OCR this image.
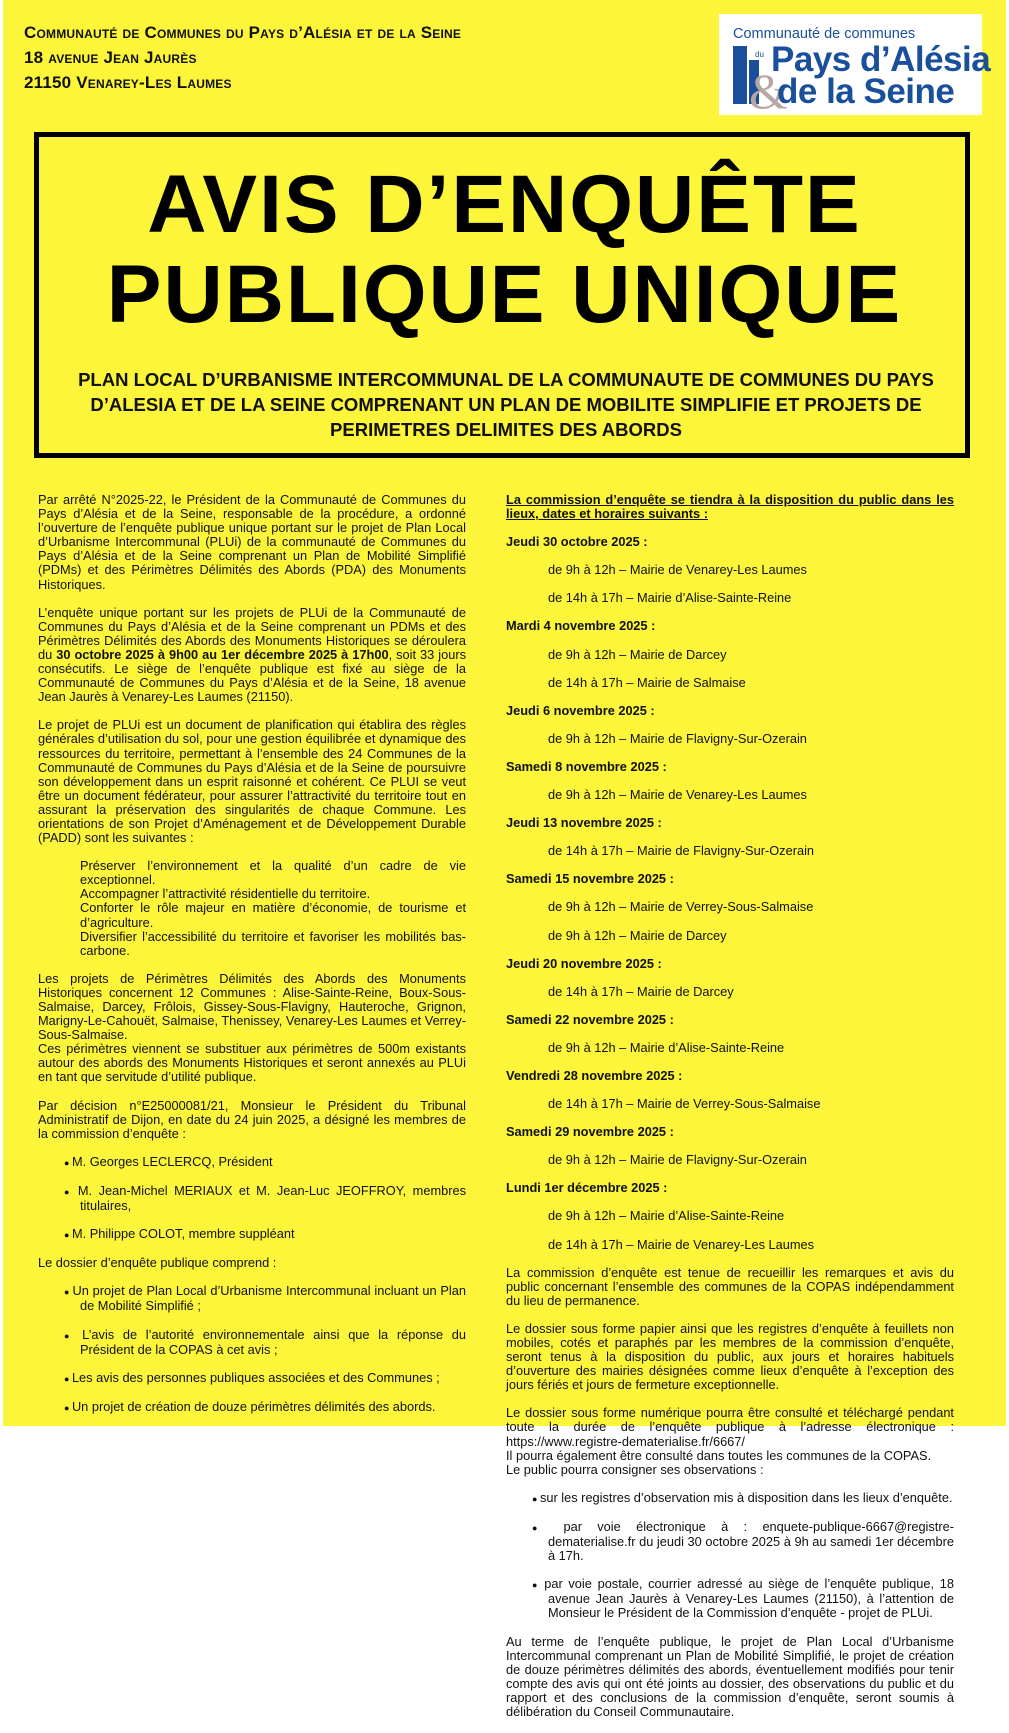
Communauté de Communes du Pays d’Alésia et de la Seine
18 avenue Jean Jaurès
21150 Venarey-Les Laumes
Communauté de communes
du Pays d’Alésia
&
de la Seine
AVIS D’ENQUÊTE
PUBLIQUE UNIQUE
PLAN LOCAL D’URBANISME INTERCOMMUNAL DE LA COMMUNAUTE DE COMMUNES DU PAYS D’ALESIA ET DE LA SEINE COMPRENANT UN PLAN DE MOBILITE SIMPLIFIE ET PROJETS DE PERIMETRES DELIMITES DES ABORDS

Par arrêté N°2025-22, le Président de la Communauté de Communes du Pays d’Alésia et de la Seine, responsable de la procédure, a ordonné l’ouverture de l’enquête publique unique portant sur le projet de Plan Local d’Urbanisme Intercommunal (PLUi) de la communauté de Communes du Pays d’Alésia et de la Seine comprenant un Plan de Mobilité Simplifié (PDMs) et des Périmètres Délimités des Abords (PDA) des Monuments Historiques.

L’enquête unique portant sur les projets de PLUi de la Communauté de Communes du Pays d’Alésia et de la Seine comprenant un PDMs et des Périmètres Délimités des Abords des Monuments Historiques se déroulera du 30 octobre 2025 à 9h00 au 1er décembre 2025 à 17h00, soit 33 jours consécutifs. Le siège de l’enquête publique est fixé au siège de la Communauté de Communes du Pays d’Alésia et de la Seine, 18 avenue Jean Jaurès à Venarey-Les Laumes (21150).

Le projet de PLUi est un document de planification qui établira des règles générales d’utilisation du sol, pour une gestion équilibrée et dynamique des ressources du territoire, permettant à l’ensemble des 24 Communes de la Communauté de Communes du Pays d’Alésia et de la Seine de poursuivre son développement dans un esprit raisonné et cohérent. Ce PLUI se veut être un document fédérateur, pour assurer l’attractivité du territoire tout en assurant la préservation des singularités de chaque Commune. Les orientations de son Projet d’Aménagement et de Développement Durable (PADD) sont les suivantes :

Préserver l’environnement et la qualité d’un cadre de vie exceptionnel.

Accompagner l’attractivité résidentielle du territoire.

Conforter le rôle majeur en matière d’économie, de tourisme et d’agriculture.

Diversifier l’accessibilité du territoire et favoriser les mobilités bas-carbone.

Les projets de Périmètres Délimités des Abords des Monuments Historiques concernent 12 Communes : Alise-Sainte-Reine, Boux-Sous-Salmaise, Darcey, Frôlois, Gissey-Sous-Flavigny, Hauteroche, Grignon, Marigny-Le-Cahouët, Salmaise, Thenissey, Venarey-Les Laumes et Verrey-Sous-Salmaise.

Ces périmètres viennent se substituer aux périmètres de 500m existants autour des abords des Monuments Historiques et seront annexés au PLUi en tant que servitude d’utilité publique.

Par décision n°E25000081/21, Monsieur le Président du Tribunal Administratif de Dijon, en date du 24 juin 2025, a désigné les membres de la commission d’enquête :

● M. Georges LECLERCQ, Président

● M. Jean-Michel MERIAUX et M. Jean-Luc JEOFFROY, membres titulaires,

● M. Philippe COLOT, membre suppléant

Le dossier d’enquête publique comprend :

● Un projet de Plan Local d’Urbanisme Intercommunal incluant un Plan de Mobilité Simplifié ;

● L’avis de l’autorité environnementale ainsi que la réponse du Président de la COPAS à cet avis ;

● Les avis des personnes publiques associées et des Communes ;

● Un projet de création de douze périmètres délimités des abords.

La commission d’enquête se tiendra à la disposition du public dans les lieux, dates et horaires suivants :

Jeudi 30 octobre 2025 :

de 9h à 12h – Mairie de Venarey-Les Laumes

de 14h à 17h – Mairie d’Alise-Sainte-Reine

Mardi 4 novembre 2025 :

de 9h à 12h – Mairie de Darcey

de 14h à 17h – Mairie de Salmaise

Jeudi 6 novembre 2025 :

de 9h à 12h – Mairie de Flavigny-Sur-Ozerain

Samedi 8 novembre 2025 :

de 9h à 12h – Mairie de Venarey-Les Laumes

Jeudi 13 novembre 2025 :

de 14h à 17h – Mairie de Flavigny-Sur-Ozerain

Samedi 15 novembre 2025 :

de 9h à 12h – Mairie de Verrey-Sous-Salmaise

de 9h à 12h – Mairie de Darcey

Jeudi 20 novembre 2025 :

de 14h à 17h – Mairie de Darcey

Samedi 22 novembre 2025 :

de 9h à 12h – Mairie d’Alise-Sainte-Reine

Vendredi 28 novembre 2025 :

de 14h à 17h – Mairie de Verrey-Sous-Salmaise

Samedi 29 novembre 2025 :

de 9h à 12h – Mairie de Flavigny-Sur-Ozerain

Lundi 1er décembre 2025 :

de 9h à 12h – Mairie d’Alise-Sainte-Reine

de 14h à 17h – Mairie de Venarey-Les Laumes

La commission d’enquête est tenue de recueillir les remarques et avis du public concernant l’ensemble des communes de la COPAS indépendamment du lieu de permanence.

Le dossier sous forme papier ainsi que les registres d’enquête à feuillets non mobiles, cotés et paraphés par les membres de la commission d’enquête, seront tenus à la disposition du public, aux jours et horaires habituels d’ouverture des mairies désignées comme lieux d’enquête à l’exception des jours fériés et jours de fermeture exceptionnelle.

Le dossier sous forme numérique pourra être consulté et téléchargé pendant toute la durée de l’enquête publique à l’adresse électronique : https://www.registre-dematerialise.fr/6667/

Il pourra également être consulté dans toutes les communes de la COPAS.

Le public pourra consigner ses observations :

● sur les registres d’observation mis à disposition dans les lieux d’enquête.

● par voie électronique à : enquete-publique-6667@registre-dematerialise.fr du jeudi 30 octobre 2025 à 9h au samedi 1er décembre à 17h.

● par voie postale, courrier adressé au siège de l’enquête publique, 18 avenue Jean Jaurès à Venarey-Les Laumes (21150), à l’attention de Monsieur le Président de la Commission d’enquête - projet de PLUi.

Au terme de l’enquête publique, le projet de Plan Local d’Urbanisme Intercommunal comprenant un Plan de Mobilité Simplifié, le projet de création de douze périmètres délimités des abords, éventuellement modifiés pour tenir compte des avis qui ont été joints au dossier, des observations du public et du rapport et des conclusions de la commission d’enquête, seront soumis à délibération du Conseil Communautaire.
